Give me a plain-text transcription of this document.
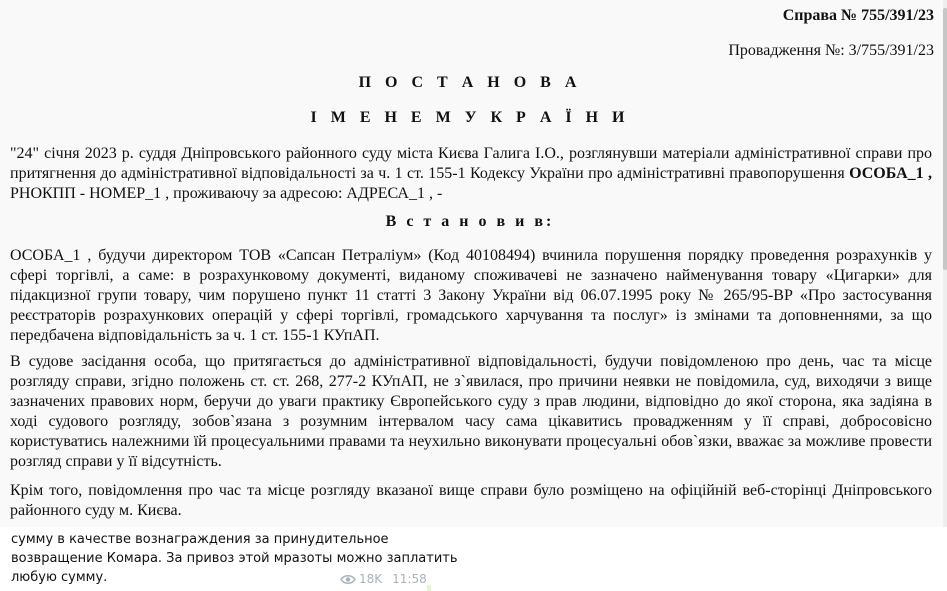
Справа № 755/391/23
Провадження №: 3/755/391/23
П О С Т А Н О В А
І М Е Н Е М У К Р А Ї Н И

"24" січня 2023 р. суддя Дніпровського районного суду міста Києва Галига І.О., розглянувши матеріали адміністративної справи про притягнення до адміністративної відповідальності за ч. 1 ст. 155-1 Кодексу України про адміністративні правопорушення ОСОБА_1 , РНОКПП - НОМЕР_1 , проживаючу за адресою: АДРЕСА_1 , -

В с т а н о в и в:

ОСОБА_1 , будучи директором ТОВ «Сапсан Петраліум» (Код 40108494) вчинила порушення порядку проведення розрахунків у сфері торгівлі, а саме: в розрахунковому документі, виданому споживачеві не зазначено найменування товару «Цигарки» для підакцизної групи товару, чим порушено пункт 11 статті 3 Закону України від 06.07.1995 року № 265/95-ВР «Про застосування реєстраторів розрахункових операцій у сфері торгівлі, громадського харчування та послуг» із змінами та доповненнями, за що передбачена відповідальність за ч. 1 ст. 155-1 КУпАП.

В судове засідання особа, що притягається до адміністративної відповідальності, будучи повідомленою про день, час та місце розгляду справи, згідно положень ст. ст. 268, 277-2 КУпАП, не з`явилася, про причини неявки не повідомила, суд, виходячи з вище зазначених правових норм, беручи до уваги практику Європейського суду з прав людини, відповідно до якої сторона, яка задіяна в ході судового розгляду, зобов`язана з розумним інтервалом часу сама цікавитись провадженням у її справі, добросовісно користуватись належними їй процесуальними правами та неухильно виконувати процесуальні обов`язки, вважає за можливе провести розгляд справи у її відсутність.

Крім того, повідомлення про час та місце розгляду вказаної вище справи було розміщено на офіційній веб-сторінці Дніпровського районного суду м. Києва.

сумму в качестве вознаграждения за принудительное
возвращение Комара. За привоз этой мразоты можно заплатить
любую сумму.	18K 11:58
